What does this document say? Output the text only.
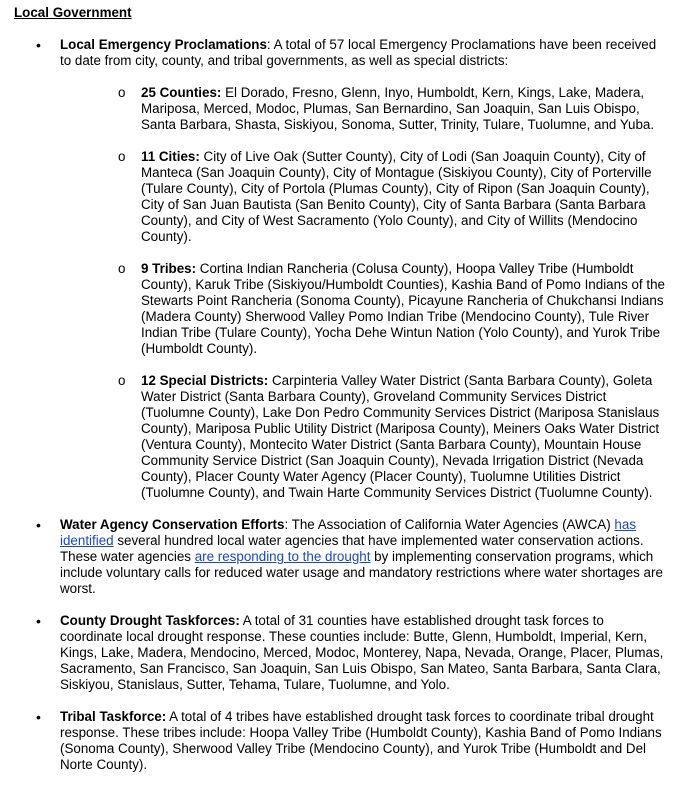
Local Government
• Local Emergency Proclamations: A total of 57 local Emergency Proclamations have been received to date from city, county, and tribal governments, as well as special districts:
o 25 Counties: El Dorado, Fresno, Glenn, Inyo, Humboldt, Kern, Kings, Lake, Madera, Mariposa, Merced, Modoc, Plumas, San Bernardino, San Joaquin, San Luis Obispo, Santa Barbara, Shasta, Siskiyou, Sonoma, Sutter, Trinity, Tulare, Tuolumne, and Yuba.
o 11 Cities: City of Live Oak (Sutter County), City of Lodi (San Joaquin County), City of Manteca (San Joaquin County), City of Montague (Siskiyou County), City of Porterville (Tulare County), City of Portola (Plumas County), City of Ripon (San Joaquin County), City of San Juan Bautista (San Benito County), City of Santa Barbara (Santa Barbara County), and City of West Sacramento (Yolo County), and City of Willits (Mendocino County).
o 9 Tribes: Cortina Indian Rancheria (Colusa County), Hoopa Valley Tribe (Humboldt County), Karuk Tribe (Siskiyou/Humboldt Counties), Kashia Band of Pomo Indians of the Stewarts Point Rancheria (Sonoma County), Picayune Rancheria of Chukchansi Indians (Madera County) Sherwood Valley Pomo Indian Tribe (Mendocino County), Tule River Indian Tribe (Tulare County), Yocha Dehe Wintun Nation (Yolo County), and Yurok Tribe (Humboldt County).
o 12 Special Districts: Carpinteria Valley Water District (Santa Barbara County), Goleta Water District (Santa Barbara County), Groveland Community Services District (Tuolumne County), Lake Don Pedro Community Services District (Mariposa Stanislaus County), Mariposa Public Utility District (Mariposa County), Meiners Oaks Water District (Ventura County), Montecito Water District (Santa Barbara County), Mountain House Community Service District (San Joaquin County), Nevada Irrigation District (Nevada County), Placer County Water Agency (Placer County), Tuolumne Utilities District (Tuolumne County), and Twain Harte Community Services District (Tuolumne County).
• Water Agency Conservation Efforts: The Association of California Water Agencies (AWCA) has identified several hundred local water agencies that have implemented water conservation actions. These water agencies are responding to the drought by implementing conservation programs, which include voluntary calls for reduced water usage and mandatory restrictions where water shortages are worst.
• County Drought Taskforces: A total of 31 counties have established drought task forces to coordinate local drought response. These counties include: Butte, Glenn, Humboldt, Imperial, Kern, Kings, Lake, Madera, Mendocino, Merced, Modoc, Monterey, Napa, Nevada, Orange, Placer, Plumas, Sacramento, San Francisco, San Joaquin, San Luis Obispo, San Mateo, Santa Barbara, Santa Clara, Siskiyou, Stanislaus, Sutter, Tehama, Tulare, Tuolumne, and Yolo.
• Tribal Taskforce: A total of 4 tribes have established drought task forces to coordinate tribal drought response. These tribes include: Hoopa Valley Tribe (Humboldt County), Kashia Band of Pomo Indians (Sonoma County), Sherwood Valley Tribe (Mendocino County), and Yurok Tribe (Humboldt and Del Norte County).
